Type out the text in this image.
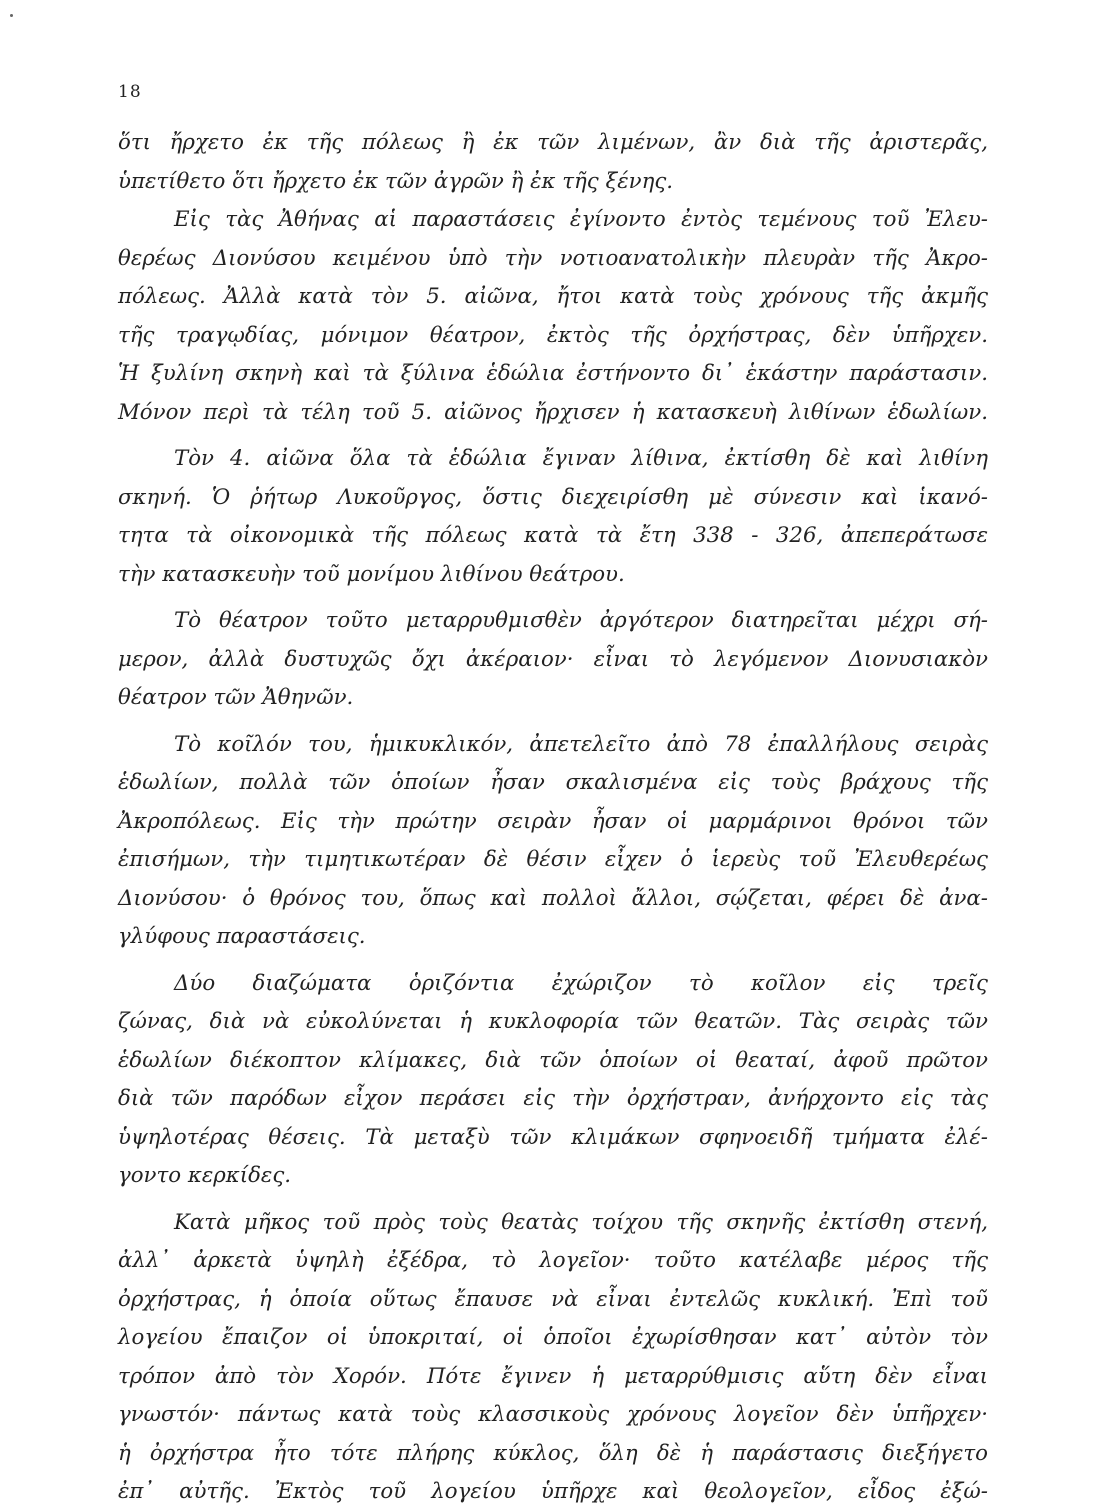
18

ὅτι ἤρχετο ἐκ τῆς πόλεως ἢ ἐκ τῶν λιμένων, ἂν διὰ τῆς ἀριστερᾶς,
ὑπετίθετο ὅτι ἤρχετο ἐκ τῶν ἀγρῶν ἢ ἐκ τῆς ξένης.

Εἰς τὰς Ἀθήνας αἱ παραστάσεις ἐγίνοντο ἐντὸς τεμένους τοῦ Ἐλευ-
θερέως Διονύσου κειμένου ὑπὸ τὴν νοτιοανατολικὴν πλευρὰν τῆς Ἀκρο-
πόλεως. Ἀλλὰ κατὰ τὸν 5. αἰῶνα, ἤτοι κατὰ τοὺς χρόνους τῆς ἀκμῆς
τῆς τραγῳδίας, μόνιμον θέατρον, ἐκτὸς τῆς ὀρχήστρας, δὲν ὑπῆρχεν.
Ἡ ξυλίνη σκηνὴ καὶ τὰ ξύλινα ἑδώλια ἐστήνοντο δι᾽ ἑκάστην παράστασιν.
Μόνον περὶ τὰ τέλη τοῦ 5. αἰῶνος ἤρχισεν ἡ κατασκευὴ λιθίνων ἑδωλίων.

Τὸν 4. αἰῶνα ὅλα τὰ ἑδώλια ἔγιναν λίθινα, ἐκτίσθη δὲ καὶ λιθίνη
σκηνή. Ὁ ῥήτωρ Λυκοῦργος, ὅστις διεχειρίσθη μὲ σύνεσιν καὶ ἱκανό-
τητα τὰ οἰκονομικὰ τῆς πόλεως κατὰ τὰ ἔτη 338 - 326, ἀπεπεράτωσε
τὴν κατασκευὴν τοῦ μονίμου λιθίνου θεάτρου.

Τὸ θέατρον τοῦτο μεταρρυθμισθὲν ἀργότερον διατηρεῖται μέχρι σή-
μερον, ἀλλὰ δυστυχῶς ὄχι ἀκέραιον· εἶναι τὸ λεγόμενον Διονυσιακὸν
θέατρον τῶν Ἀθηνῶν.

Τὸ κοῖλόν του, ἡμικυκλικόν, ἀπετελεῖτο ἀπὸ 78 ἐπαλλήλους σειρὰς
ἑδωλίων, πολλὰ τῶν ὁποίων ἦσαν σκαλισμένα εἰς τοὺς βράχους τῆς
Ἀκροπόλεως. Εἰς τὴν πρώτην σειρὰν ἦσαν οἱ μαρμάρινοι θρόνοι τῶν
ἐπισήμων, τὴν τιμητικωτέραν δὲ θέσιν εἶχεν ὁ ἱερεὺς τοῦ Ἐλευθερέως
Διονύσου· ὁ θρόνος του, ὅπως καὶ πολλοὶ ἄλλοι, σῴζεται, φέρει δὲ ἀνα-
γλύφους παραστάσεις.

Δύο διαζώματα ὁριζόντια ἐχώριζον τὸ κοῖλον εἰς τρεῖς
ζώνας, διὰ νὰ εὐκολύνεται ἡ κυκλοφορία τῶν θεατῶν. Τὰς σειρὰς τῶν
ἑδωλίων διέκοπτον κλίμακες, διὰ τῶν ὁποίων οἱ θεαταί, ἀφοῦ πρῶτον
διὰ τῶν παρόδων εἶχον περάσει εἰς τὴν ὀρχήστραν, ἀνήρχοντο εἰς τὰς
ὑψηλοτέρας θέσεις. Τὰ μεταξὺ τῶν κλιμάκων σφηνοειδῆ τμήματα ἐλέ-
γοντο κερκίδες.

Κατὰ μῆκος τοῦ πρὸς τοὺς θεατὰς τοίχου τῆς σκηνῆς ἐκτίσθη στενή,
ἀλλ᾽ ἀρκετὰ ὑψηλὴ ἐξέδρα, τὸ λογεῖον· τοῦτο κατέλαβε μέρος τῆς
ὀρχήστρας, ἡ ὁποία οὕτως ἔπαυσε νὰ εἶναι ἐντελῶς κυκλική. Ἐπὶ τοῦ
λογείου ἔπαιζον οἱ ὑποκριταί, οἱ ὁποῖοι ἐχωρίσθησαν κατ᾽ αὐτὸν τὸν
τρόπον ἀπὸ τὸν Χορόν. Πότε ἔγινεν ἡ μεταρρύθμισις αὕτη δὲν εἶναι
γνωστόν· πάντως κατὰ τοὺς κλασσικοὺς χρόνους λογεῖον δὲν ὑπῆρχεν·
ἡ ὀρχήστρα ἦτο τότε πλήρης κύκλος, ὅλη δὲ ἡ παράστασις διεξήγετο
ἐπ᾽ αὐτῆς. Ἐκτὸς τοῦ λογείου ὑπῆρχε καὶ θεολογεῖον, εἶδος ἐξώ-
